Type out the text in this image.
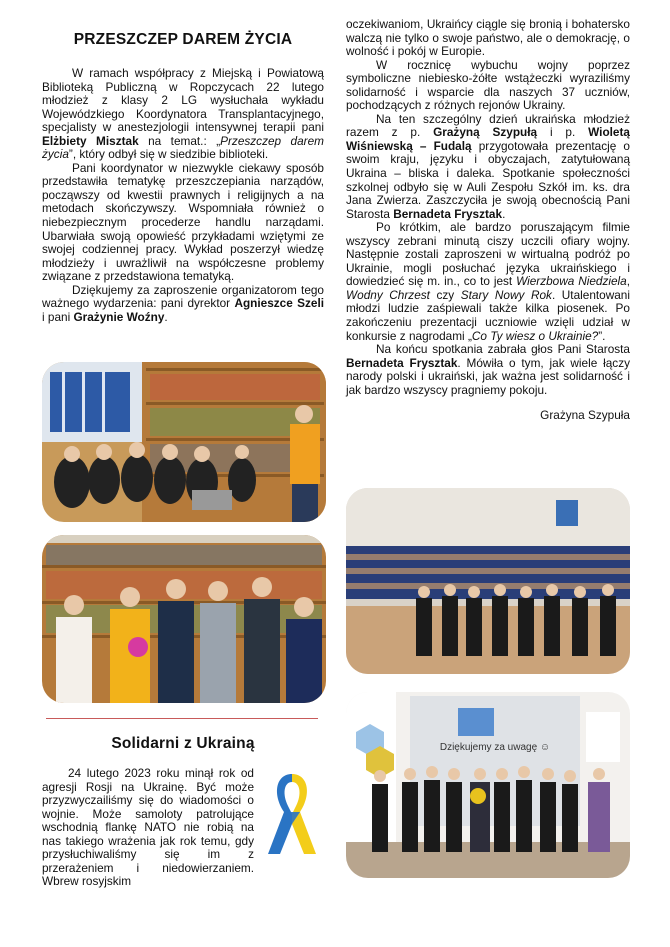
PRZESZCZEP DAREM ŻYCIA

W ramach współpracy z Miejską i Powiatową Biblioteką Publiczną w Ropczycach 22 lutego młodzież z klasy 2 LG wysłuchała wykładu Wojewódzkiego Koordynatora Transplantacyjnego, specjalisty w anestezjologii intensywnej terapii pani Elżbiety Misztak na temat.: „Przeszczep darem życia”, który odbył się w siedzibie biblioteki.

Pani koordynator w niezwykle ciekawy sposób przedstawiła tematykę przeszczepiania narządów, począwszy od kwestii prawnych i religijnych a na metodach skończywszy. Wspomniała również o niebezpiecznym procederze handlu narządami. Ubarwiała swoją opowieść przykładami wziętymi ze swojej codziennej pracy. Wykład poszerzył wiedzę młodzieży i uwrażliwił na współczesne problemy związane z przedstawiona tematyką.

Dziękujemy za zaproszenie organizatorom tego ważnego wydarzenia: pani dyrektor Agnieszce Szeli i pani Grażynie Woźny.

Solidarni z Ukrainą

24 lutego 2023 roku minął rok od agresji Rosji na Ukrainę. Być może przyzwyczailiśmy się do wiadomości o wojnie. Może samoloty patrolujące wschodnią flankę NATO nie robią na nas takiego wrażenia jak rok temu, gdy przysłuchiwaliśmy się im z przerażeniem i niedowierzaniem. Wbrew rosyjskim

oczekiwaniom, Ukraińcy ciągle się bronią i bohatersko walczą nie tylko o swoje państwo, ale o demokrację, o wolność i pokój w Europie.

W rocznicę wybuchu wojny poprzez symboliczne niebiesko-żółte wstążeczki wyraziliśmy solidarność i wsparcie dla naszych 37 uczniów, pochodzących z różnych rejonów Ukrainy.

Na ten szczególny dzień ukraińska młodzież razem z p. Grażyną Szypułą i p. Wioletą Wiśniewską – Fudalą przygotowała prezentację o swoim kraju, języku i obyczajach, zatytułowaną Ukraina – bliska i daleka. Spotkanie społeczności szkolnej odbyło się w Auli Zespołu Szkół im. ks. dra Jana Zwierza. Zaszczyciła je swoją obecnością Pani Starosta Bernadeta Frysztak.

Po krótkim, ale bardzo poruszającym filmie wszyscy zebrani minutą ciszy uczcili ofiary wojny. Następnie zostali zaproszeni w wirtualną podróż po Ukrainie, mogli posłuchać języka ukraińskiego i dowiedzieć się m. in., co to jest Wierzbowa Niedziela, Wodny Chrzest czy Stary Nowy Rok. Utalentowani młodzi ludzie zaśpiewali także kilka piosenek. Po zakończeniu prezentacji uczniowie wzięli udział w konkursie z nagrodami „Co Ty wiesz o Ukrainie?”.

Na końcu spotkania zabrała głos Pani Starosta Bernadeta Frysztak. Mówiła o tym, jak wiele łączy narody polski i ukraiński, jak ważna jest solidarność i jak bardzo wszyscy pragniemy pokoju.

Grażyna Szypuła
Dziękujemy za uwagę ☺
